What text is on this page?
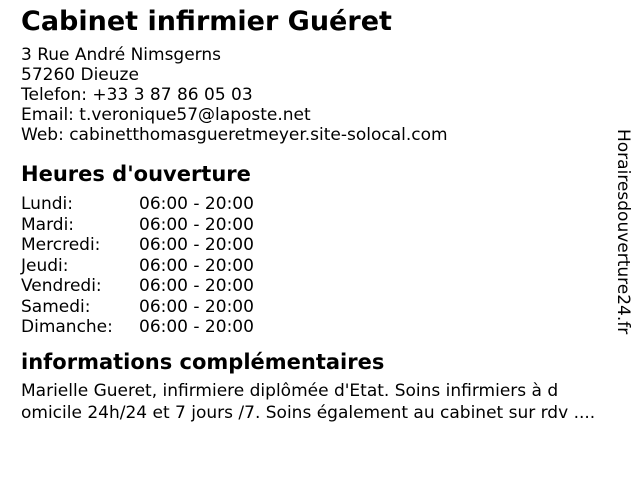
Cabinet infirmier Guéret
3 Rue André Nimsgerns
57260 Dieuze
Telefon: +33 3 87 86 05 03
Email: t.veronique57@laposte.net
Web: cabinetthomasgueretmeyer.site-solocal.com
Heures d'ouverture
Lundi:	06:00 - 20:00
Mardi:	06:00 - 20:00
Mercredi:	06:00 - 20:00
Jeudi:	06:00 - 20:00
Vendredi:	06:00 - 20:00
Samedi:	06:00 - 20:00
Dimanche:	06:00 - 20:00
informations complémentaires
Marielle Gueret, infirmiere diplômée d'Etat. Soins infirmiers à d
omicile 24h/24 et 7 jours /7. Soins également au cabinet sur rdv ....
Horairesdouverture24.fr
